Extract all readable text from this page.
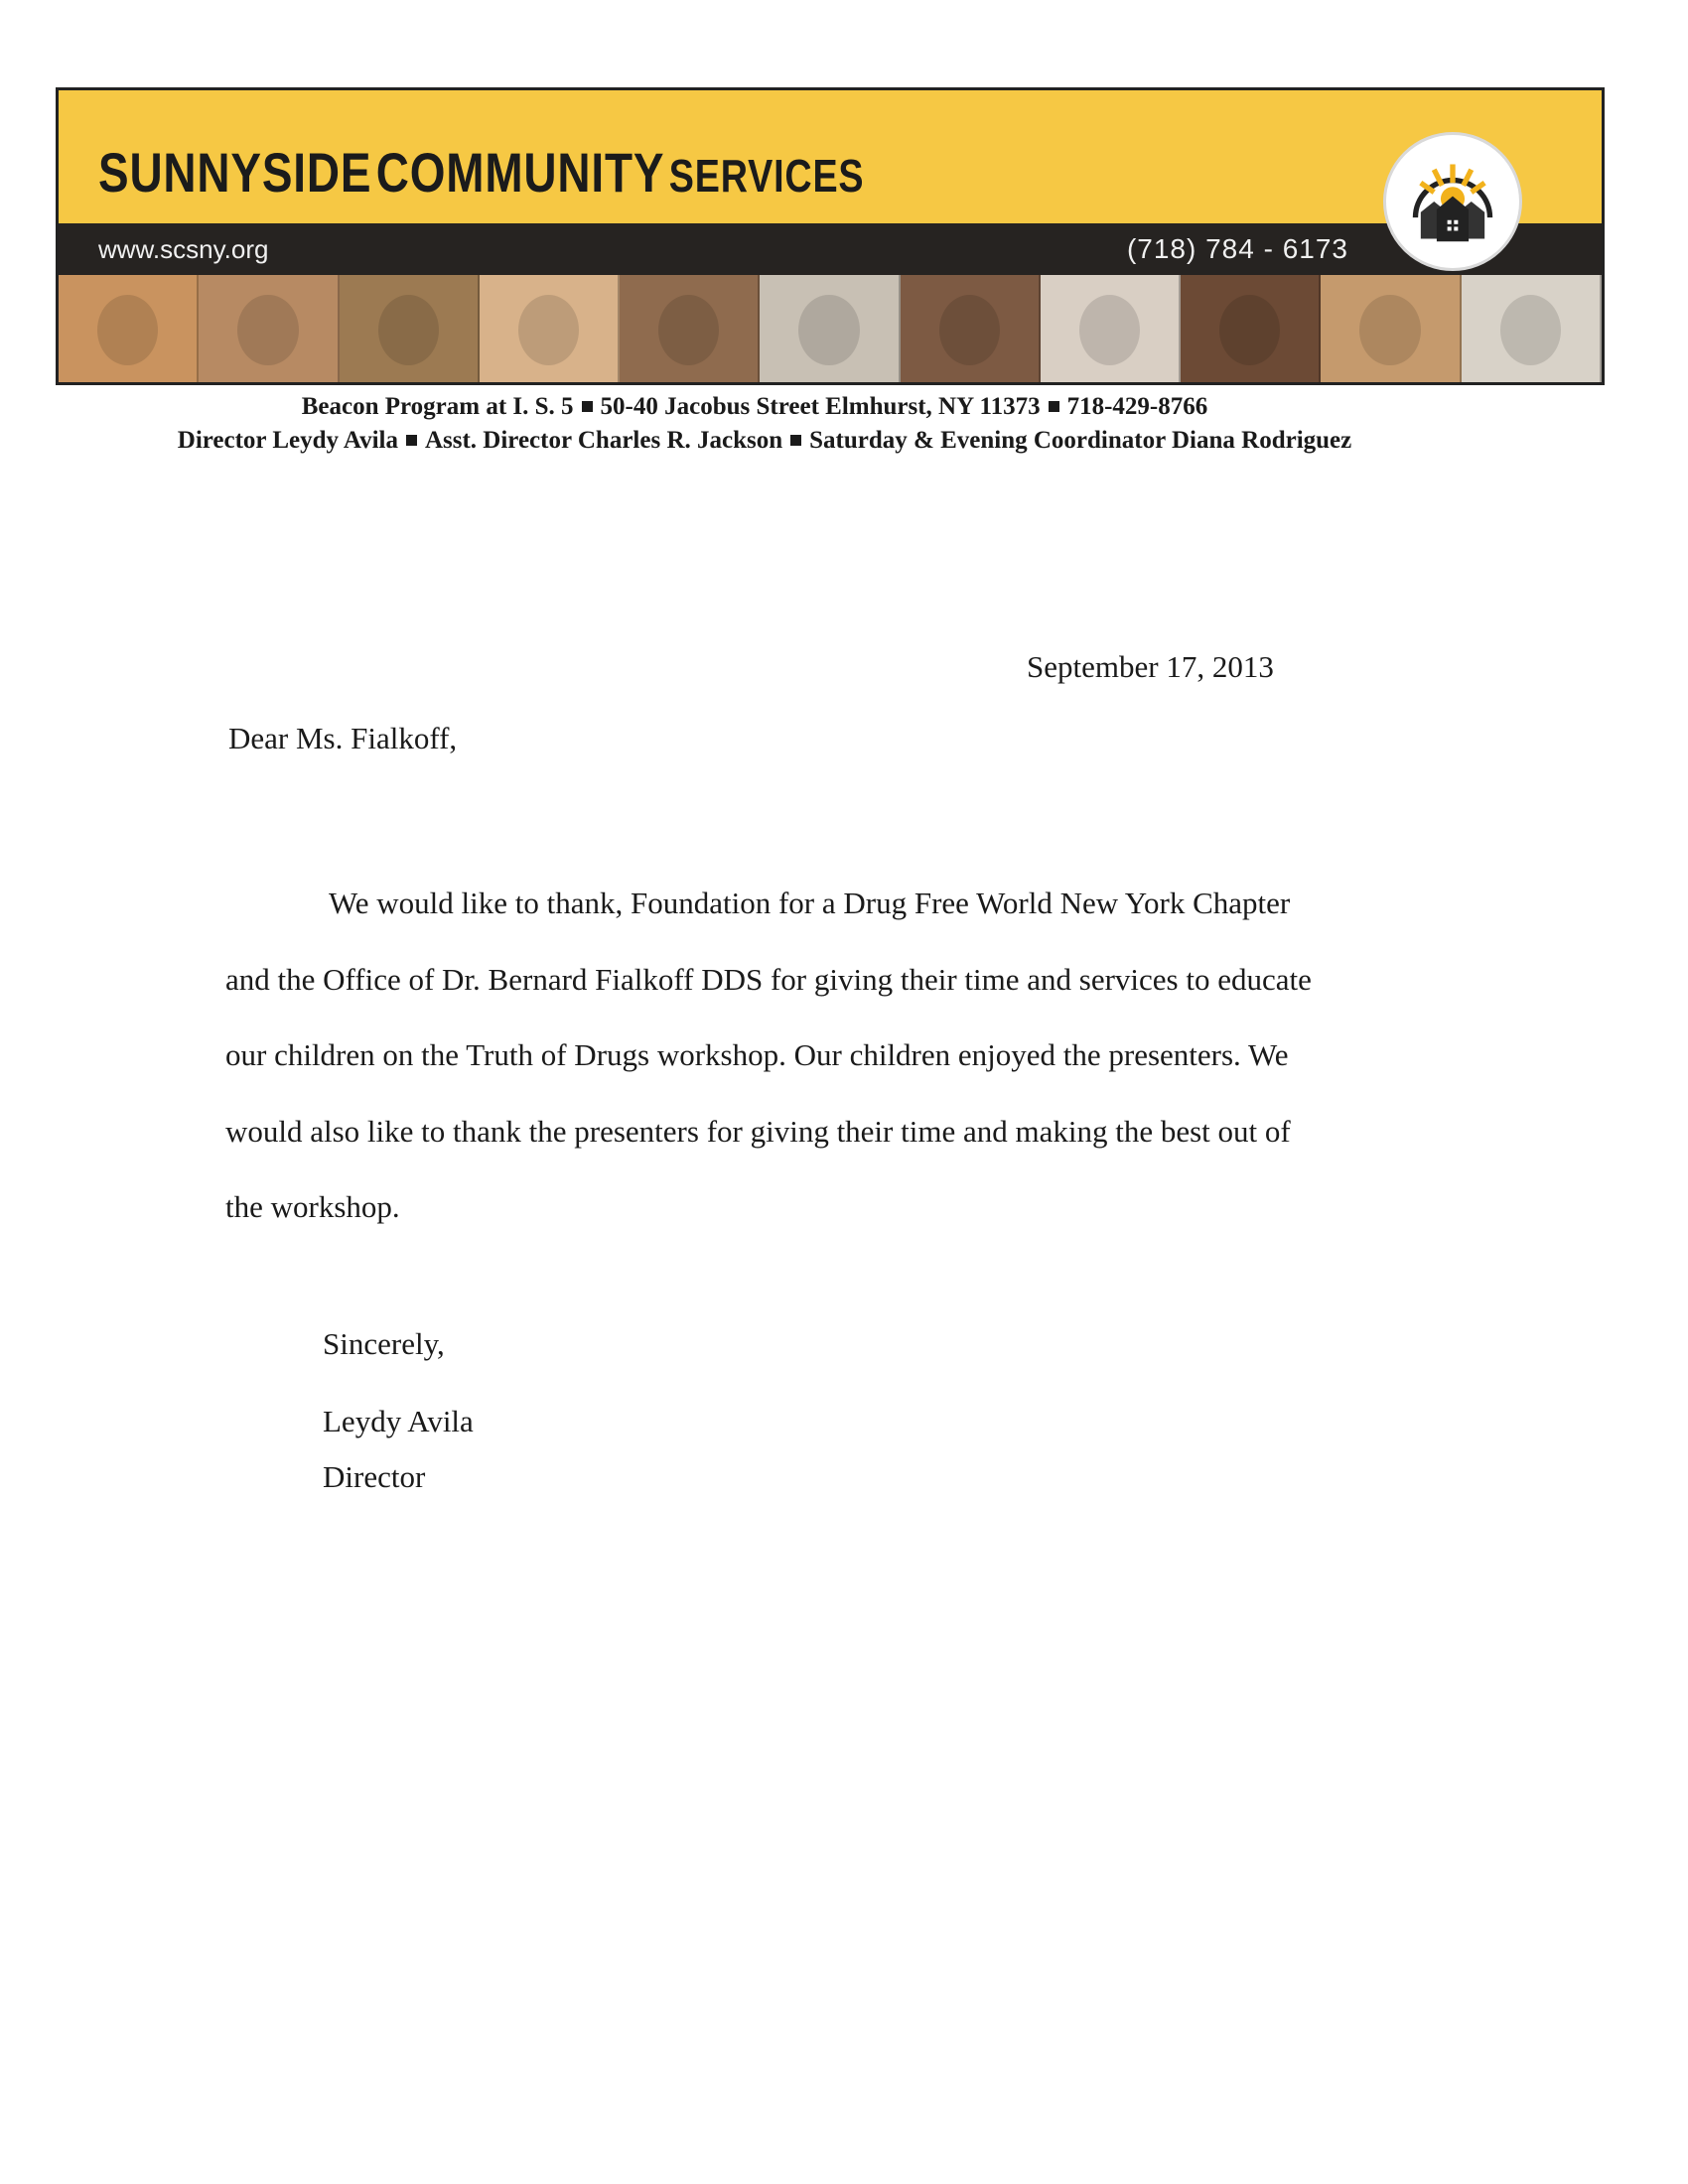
SUNNYSIDE COMMUNITY SERVICES
www.scsny.org	(718) 784 - 6173
Beacon Program at I. S. 5 50-40 Jacobus Street Elmhurst, NY 11373 718-429-8766
Director Leydy Avila Asst. Director Charles R. Jackson Saturday & Evening Coordinator Diana Rodriguez
September 17, 2013
Dear Ms. Fialkoff,

We would like to thank, Foundation for a Drug Free World New York Chapter
and the Office of Dr. Bernard Fialkoff DDS for giving their time and services to educate
our children on the Truth of Drugs workshop. Our children enjoyed the presenters. We
would also like to thank the presenters for giving their time and making the best out of
the workshop.

Sincerely,
Leydy Avila
Director
